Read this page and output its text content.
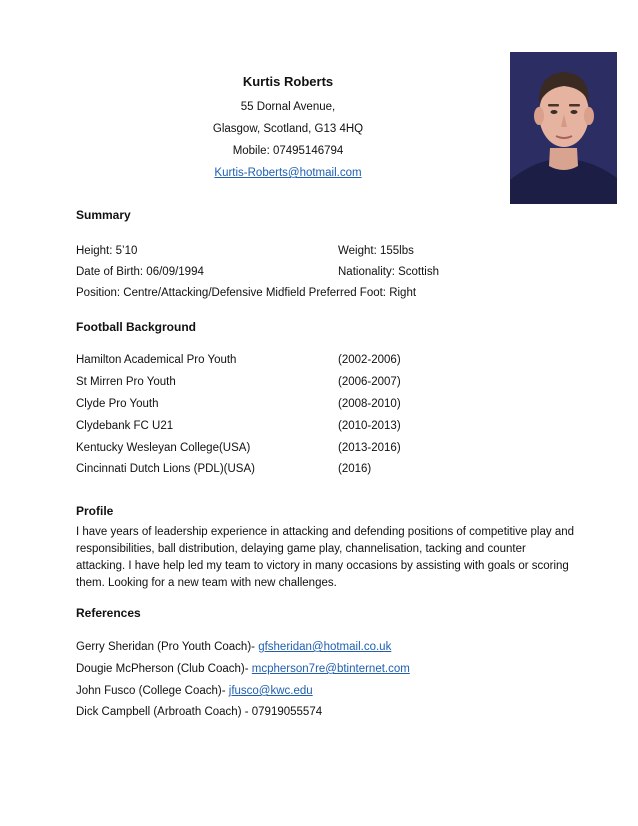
Kurtis Roberts
55 Dornal Avenue,
Glasgow, Scotland, G13 4HQ
Mobile: 07495146794
Kurtis-Roberts@hotmail.com
Summary
Height: 5’10	Weight: 155lbs
Date of Birth: 06/09/1994	Nationality: Scottish
Position: Centre/Attacking/Defensive Midfield Preferred Foot: Right
Football Background
Hamilton Academical Pro Youth	(2002-2006)
St Mirren Pro Youth	(2006-2007)
Clyde Pro Youth	(2008-2010)
Clydebank FC U21	(2010-2013)
Kentucky Wesleyan College(USA)	(2013-2016)
Cincinnati Dutch Lions (PDL)(USA)	(2016)
Profile
I have years of leadership experience in attacking and defending positions of competitive play and responsibilities, ball distribution, delaying game play, channelisation, tacking and counter attacking. I have help led my team to victory in many occasions by assisting with goals or scoring them. Looking for a new team with new challenges.
References
Gerry Sheridan (Pro Youth Coach)- gfsheridan@hotmail.co.uk
Dougie McPherson (Club Coach)- mcpherson7re@btinternet.com
John Fusco (College Coach)- jfusco@kwc.edu
Dick Campbell (Arbroath Coach) - 07919055574
